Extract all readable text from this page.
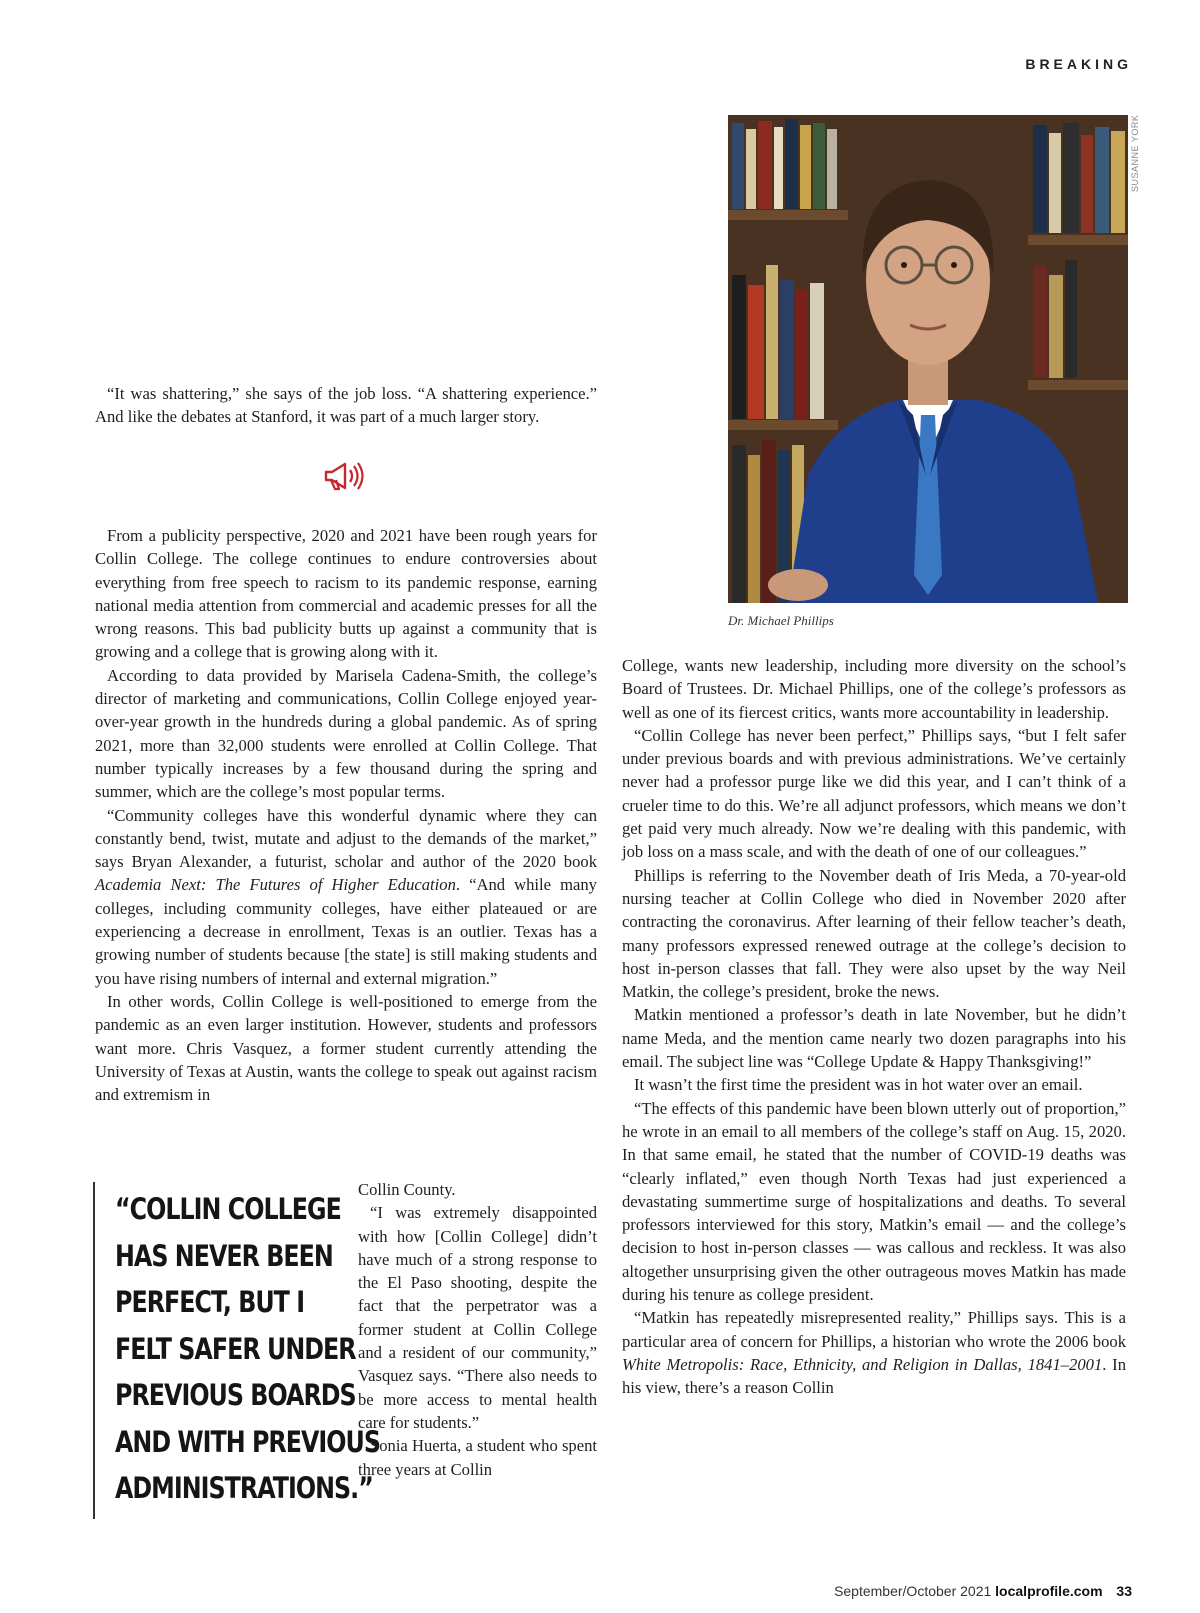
BREAKING
SUSANNE YORK
Dr. Michael Phillips

“It was shattering,” she says of the job loss. “A shattering experience.” And like the debates at Stanford, it was part of a much larger story.

From a publicity perspective, 2020 and 2021 have been rough years for Collin College. The college continues to endure controversies about everything from free speech to racism to its pandemic response, earning national media attention from commercial and academic presses for all the wrong reasons. This bad publicity butts up against a community that is growing and a college that is growing along with it.

According to data provided by Marisela Cadena-Smith, the college’s director of marketing and communications, Collin College enjoyed year-over-year growth in the hundreds during a global pandemic. As of spring 2021, more than 32,000 students were enrolled at Collin College. That number typically increases by a few thousand during the spring and summer, which are the college’s most popular terms.

“Community colleges have this wonderful dynamic where they can constantly bend, twist, mutate and adjust to the demands of the market,” says Bryan Alexander, a futurist, scholar and author of the 2020 book Academia Next: The Futures of Higher Education. “And while many colleges, including community colleges, have either plateaued or are experiencing a decrease in enrollment, Texas is an outlier. Texas has a growing number of students because [the state] is still making students and you have rising numbers of internal and external migration.”

In other words, Collin College is well-positioned to emerge from the pandemic as an even larger institution. However, students and professors want more. Chris Vasquez, a former student currently attending the University of Texas at Austin, wants the college to speak out against racism and extremism in

“COLLIN COLLEGE
HAS NEVER BEEN
PERFECT, BUT I
FELT SAFER UNDER
PREVIOUS BOARDS
AND WITH PREVIOUS
ADMINISTRATIONS.”

Collin County.

“I was extremely disappointed with how [Collin College] didn’t have much of a strong response to the El Paso shooting, despite the fact that the perpetrator was a former student at Collin College and a resident of our community,” Vasquez says. “There also needs to be more access to mental health care for students.”

Sonia Huerta, a student who spent three years at Collin

College, wants new leadership, including more diversity on the school’s Board of Trustees. Dr. Michael Phillips, one of the college’s professors as well as one of its fiercest critics, wants more accountability in leadership.

“Collin College has never been perfect,” Phillips says, “but I felt safer under previous boards and with previous administrations. We’ve certainly never had a professor purge like we did this year, and I can’t think of a crueler time to do this. We’re all adjunct professors, which means we don’t get paid very much already. Now we’re dealing with this pandemic, with job loss on a mass scale, and with the death of one of our colleagues.”

Phillips is referring to the November death of Iris Meda, a 70-year-old nursing teacher at Collin College who died in November 2020 after contracting the coronavirus. After learning of their fellow teacher’s death, many professors expressed renewed outrage at the college’s decision to host in-person classes that fall. They were also upset by the way Neil Matkin, the college’s president, broke the news.

Matkin mentioned a professor’s death in late November, but he didn’t name Meda, and the mention came nearly two dozen paragraphs into his email. The subject line was “College Update & Happy Thanksgiving!”

It wasn’t the first time the president was in hot water over an email.

“The effects of this pandemic have been blown utterly out of proportion,” he wrote in an email to all members of the college’s staff on Aug. 15, 2020. In that same email, he stated that the number of COVID-19 deaths was “clearly inflated,” even though North Texas had just experienced a devastating summertime surge of hospitalizations and deaths. To several professors interviewed for this story, Matkin’s email — and the college’s decision to host in-person classes — was callous and reckless. It was also altogether unsurprising given the other outrageous moves Matkin has made during his tenure as college president.

“Matkin has repeatedly misrepresented reality,” Phillips says. This is a particular area of concern for Phillips, a historian who wrote the 2006 book White Metropolis: Race, Ethnicity, and Religion in Dallas, 1841–2001. In his view, there’s a reason Collin

September/October 2021 localprofile.com 33
